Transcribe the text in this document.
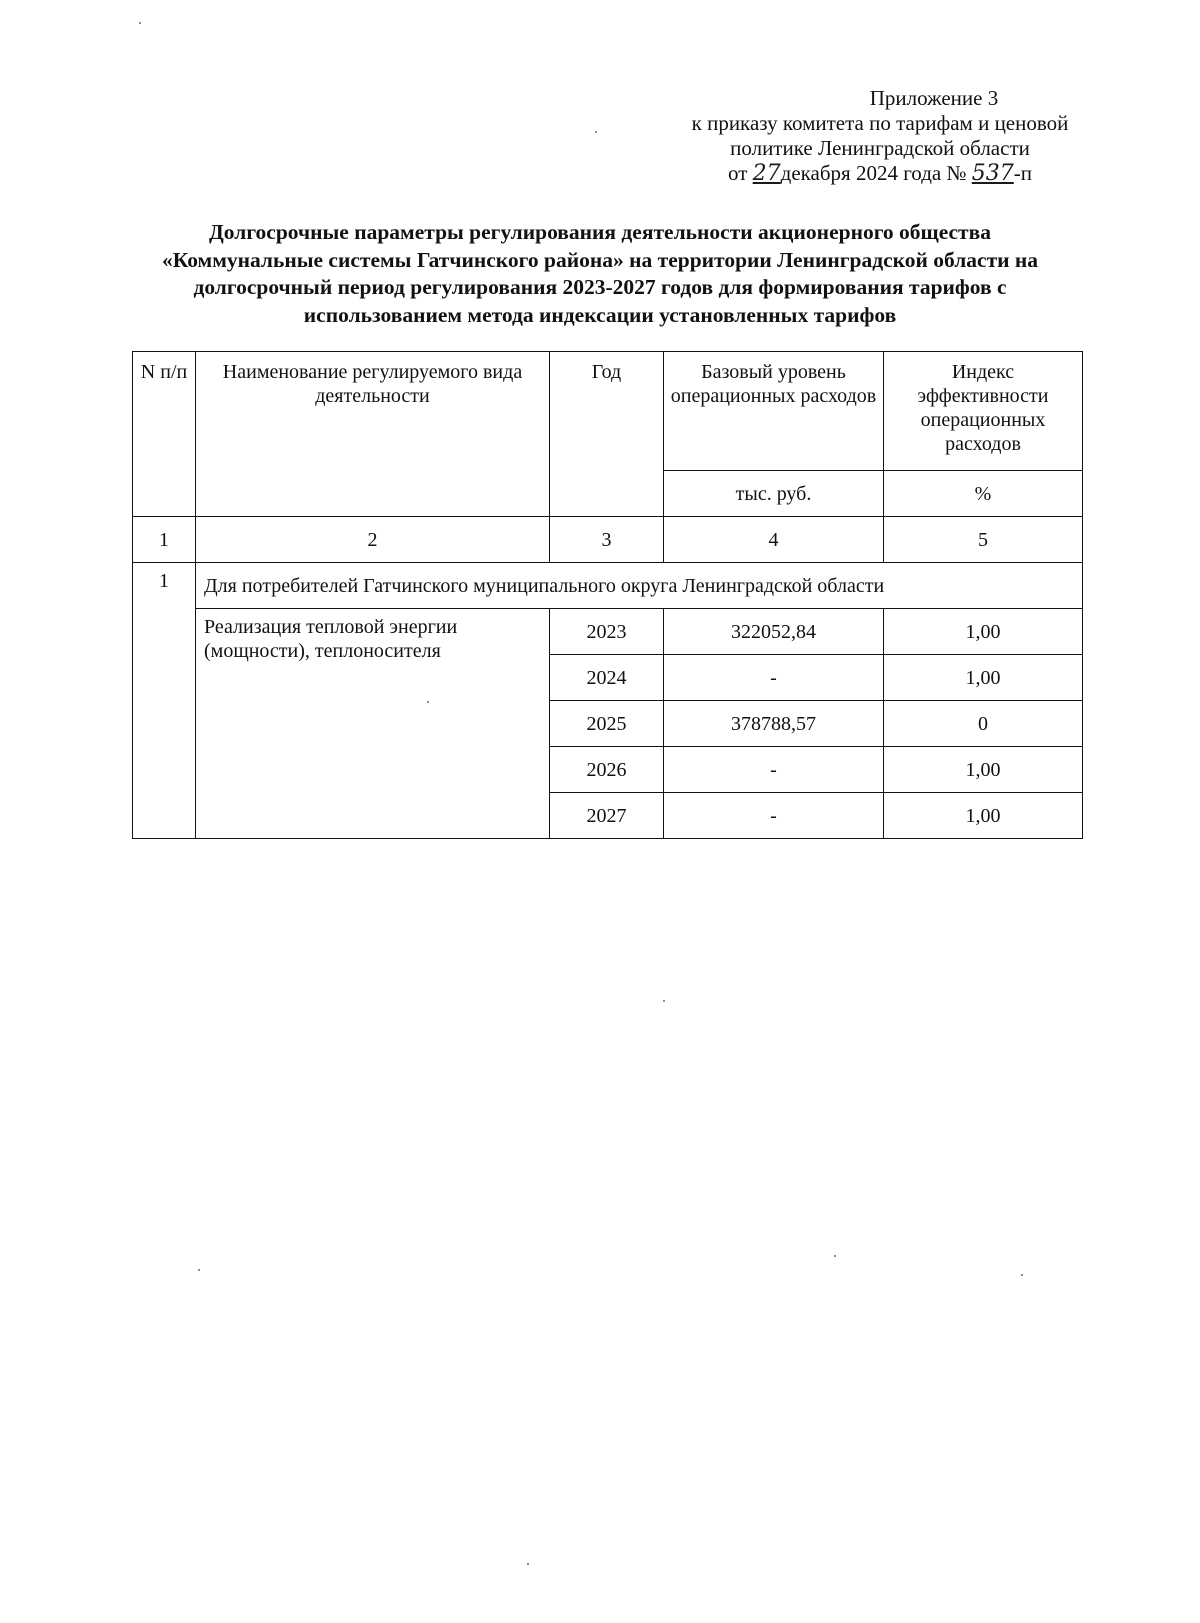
Приложение 3
к приказу комитета по тарифам и ценовой
политике Ленинградской области
от 27декабря 2024 года № 537-п
Долгосрочные параметры регулирования деятельности акционерного общества
«Коммунальные системы Гатчинского района» на территории Ленинградской области на
долгосрочный период регулирования 2023-2027 годов для формирования тарифов с
использованием метода индексации установленных тарифов
N п/п	Наименование регулируемого вида деятельности	Год	Базовый уровень операционных расходов	Индекс эффективности операционных расходов
			тыс. руб.	%
1	2	3	4	5
1	Для потребителей Гатчинского муниципального округа Ленинградской области			
	Реализация тепловой энергии (мощности), теплоносителя	2023	322052,84	1,00
		2024	-	1,00
		2025	378788,57	0
		2026	-	1,00
		2027	-	1,00
